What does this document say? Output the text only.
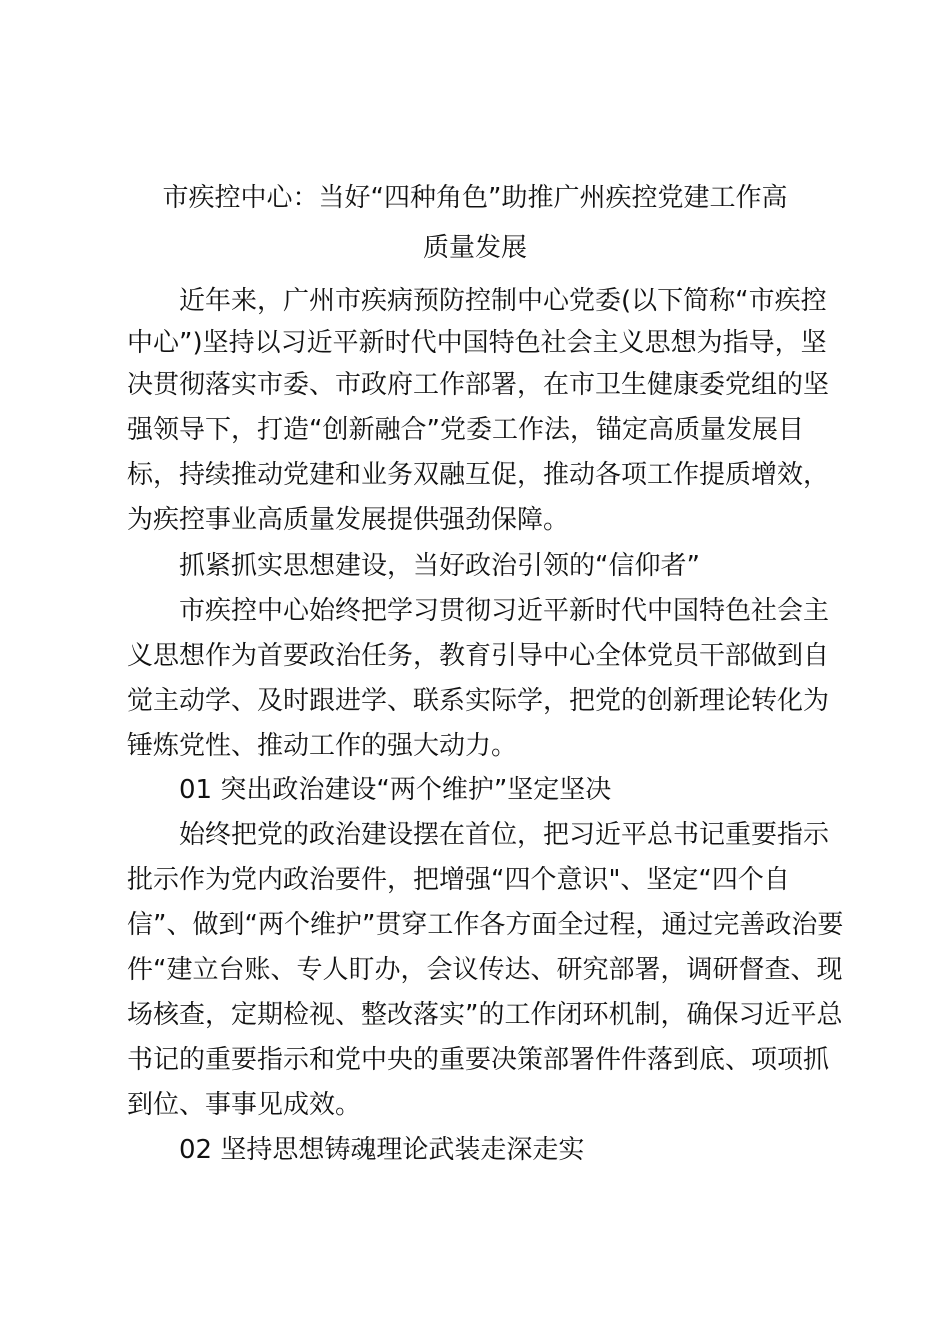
市疾控中心：当好“四种角色”助推广州疾控党建工作高
质量发展
近年来，广州市疾病预防控制中心党委(以下简称“市疾控
中心”)坚持以习近平新时代中国特色社会主义思想为指导，坚
决贯彻落实市委、市政府工作部署，在市卫生健康委党组的坚
强领导下，打造“创新融合”党委工作法，锚定高质量发展目
标，持续推动党建和业务双融互促，推动各项工作提质增效，
为疾控事业高质量发展提供强劲保障。
抓紧抓实思想建设，当好政治引领的“信仰者”
市疾控中心始终把学习贯彻习近平新时代中国特色社会主
义思想作为首要政治任务，教育引导中心全体党员干部做到自
觉主动学、及时跟进学、联系实际学，把党的创新理论转化为
锤炼党性、推动工作的强大动力。
01 突出政治建设“两个维护”坚定坚决
始终把党的政治建设摆在首位，把习近平总书记重要指示
批示作为党内政治要件，把增强“四个意识"、坚定“四个自
信”、做到“两个维护”贯穿工作各方面全过程，通过完善政治要
件“建立台账、专人盯办，会议传达、研究部署，调研督查、现
场核查，定期检视、整改落实”的工作闭环机制，确保习近平总
书记的重要指示和党中央的重要决策部署件件落到底、项项抓
到位、事事见成效。
02 坚持思想铸魂理论武装走深走实
